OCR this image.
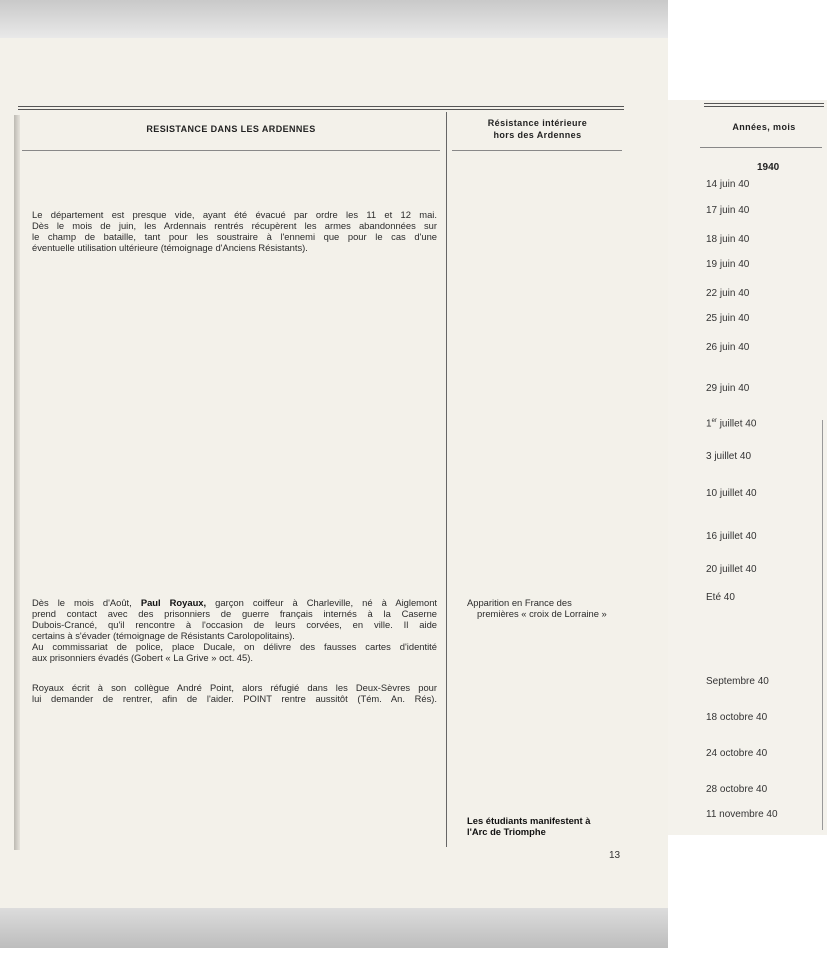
RESISTANCE DANS LES ARDENNES
Résistance intérieure
hors des Ardennes
Années, mois
Le département est presque vide, ayant été évacué par ordre les 11 et 12 mai.
Dès le mois de juin, les Ardennais rentrés récupèrent les armes abandonnées sur
le champ de bataille, tant pour les soustraire à l'ennemi que pour le cas d'une
éventuelle utilisation ultérieure (témoignage d'Anciens Résistants).
Dès le mois d'Août, Paul Royaux, garçon coiffeur à Charleville, né à Aiglemont
prend contact avec des prisonniers de guerre français internés à la Caserne
Dubois-Crancé, qu'il rencontre à l'occasion de leurs corvées, en ville. Il aide
certains à s'évader (témoignage de Résistants Carolopolitains).
Au commissariat de police, place Ducale, on délivre des fausses cartes d'identité
aux prisonniers évadés (Gobert « La Grive » oct. 45).
Royaux écrit à son collègue André Point, alors réfugié dans les Deux-Sèvres pour
lui demander de rentrer, afin de l'aider. POINT rentre aussitôt (Tém. An. Rés).
Apparition en France des
premières « croix de Lorraine »
Les étudiants manifestent à
l'Arc de Triomphe
1940
14 juin 40
17 juin 40
18 juin 40
19 juin 40
22 juin 40
25 juin 40
26 juin 40
29 juin 40
1er juillet 40
3 juillet 40
10 juillet 40
16 juillet 40
20 juillet 40
Eté 40
Septembre 40
18 octobre 40
24 octobre 40
28 octobre 40
11 novembre 40
13
